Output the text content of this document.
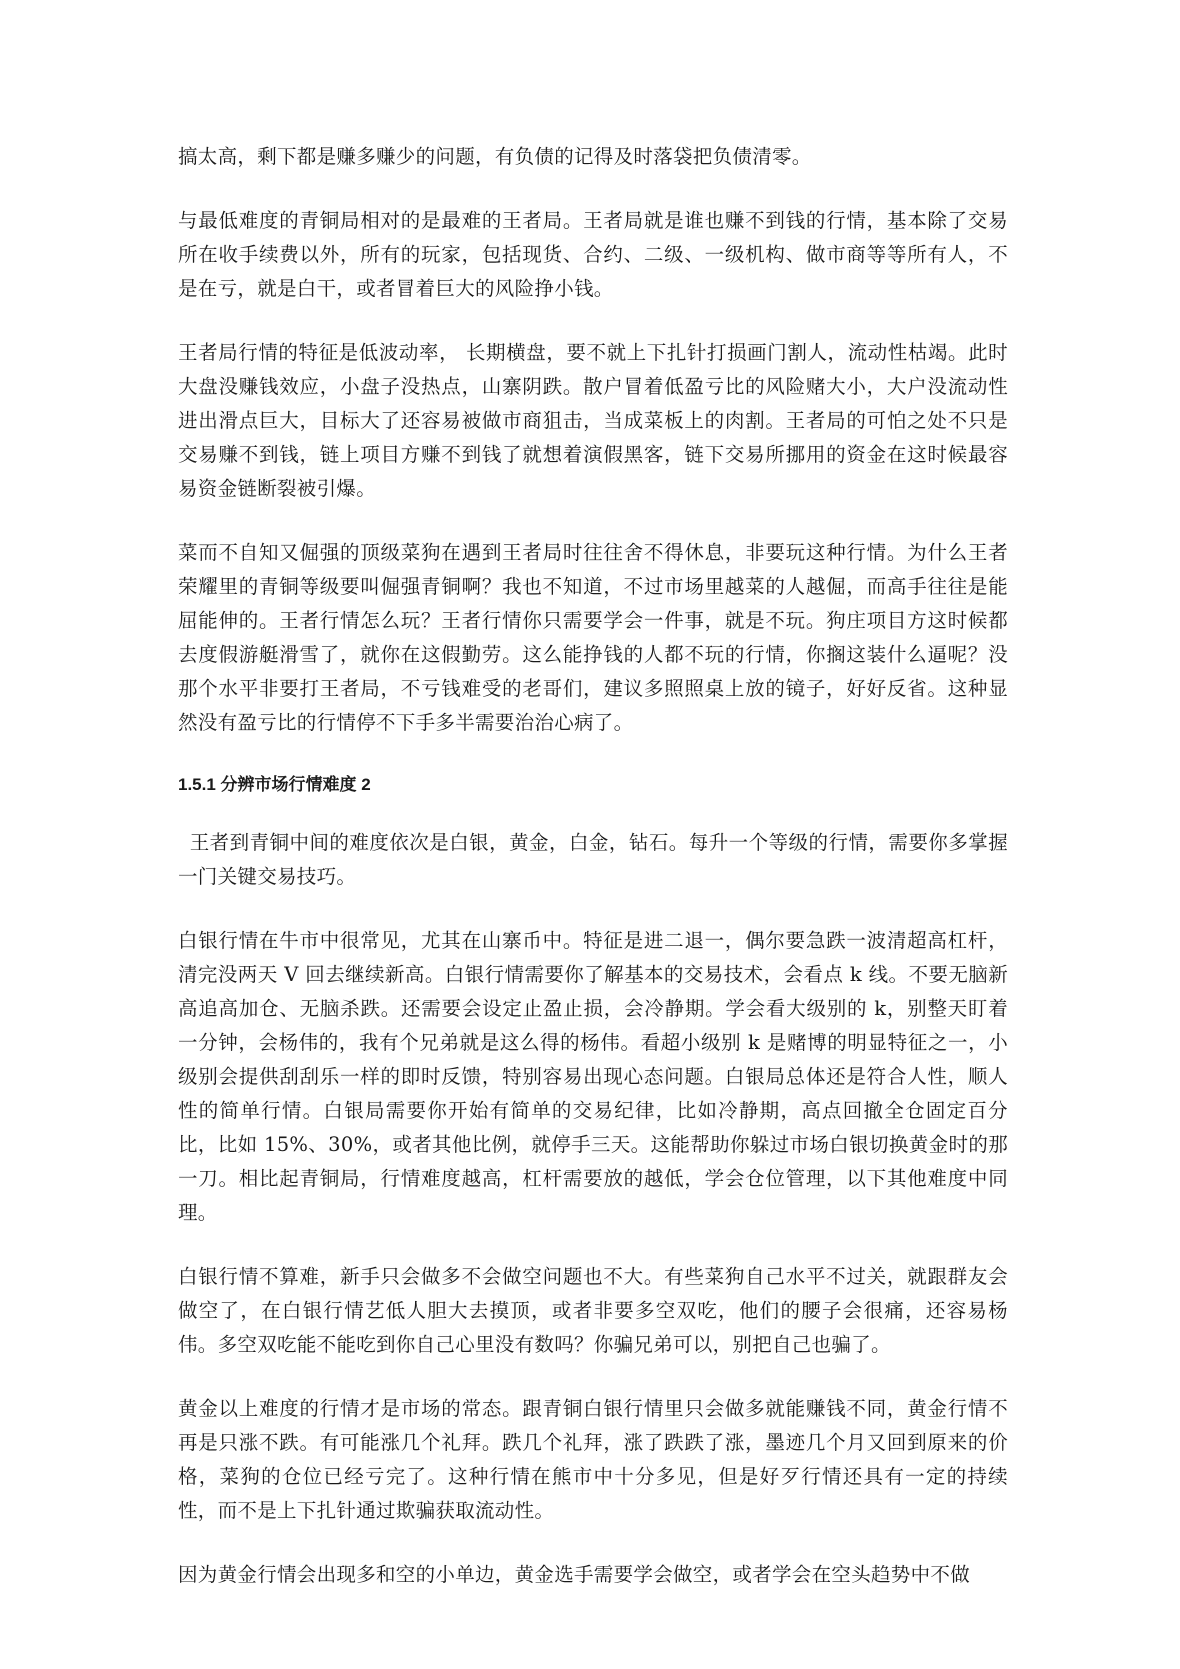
搞太高，剩下都是赚多赚少的问题，有负债的记得及时落袋把负债清零。

与最低难度的青铜局相对的是最难的王者局。王者局就是谁也赚不到钱的行情，基本除了交易所在收手续费以外，所有的玩家，包括现货、合约、二级、一级机构、做市商等等所有人，不是在亏，就是白干，或者冒着巨大的风险挣小钱。

王者局行情的特征是低波动率， 长期横盘，要不就上下扎针打损画门割人，流动性枯竭。此时大盘没赚钱效应，小盘子没热点，山寨阴跌。散户冒着低盈亏比的风险赌大小，大户没流动性进出滑点巨大，目标大了还容易被做市商狙击，当成菜板上的肉割。王者局的可怕之处不只是交易赚不到钱，链上项目方赚不到钱了就想着演假黑客，链下交易所挪用的资金在这时候最容易资金链断裂被引爆。

菜而不自知又倔强的顶级菜狗在遇到王者局时往往舍不得休息，非要玩这种行情。为什么王者荣耀里的青铜等级要叫倔强青铜啊？我也不知道，不过市场里越菜的人越倔，而高手往往是能屈能伸的。王者行情怎么玩？王者行情你只需要学会一件事，就是不玩。狗庄项目方这时候都去度假游艇滑雪了，就你在这假勤劳。这么能挣钱的人都不玩的行情，你搁这装什么逼呢？没那个水平非要打王者局，不亏钱难受的老哥们，建议多照照桌上放的镜子，好好反省。这种显然没有盈亏比的行情停不下手多半需要治治心病了。

1.5.1 分辨市场行情难度 2

王者到青铜中间的难度依次是白银，黄金，白金，钻石。每升一个等级的行情，需要你多掌握一门关键交易技巧。

白银行情在牛市中很常见，尤其在山寨币中。特征是进二退一，偶尔要急跌一波清超高杠杆，清完没两天 V 回去继续新高。白银行情需要你了解基本的交易技术，会看点 k 线。不要无脑新高追高加仓、无脑杀跌。还需要会设定止盈止损，会冷静期。学会看大级别的 k，别整天盯着一分钟，会杨伟的，我有个兄弟就是这么得的杨伟。看超小级别 k 是赌博的明显特征之一，小级别会提供刮刮乐一样的即时反馈，特别容易出现心态问题。白银局总体还是符合人性，顺人性的简单行情。白银局需要你开始有简单的交易纪律，比如冷静期，高点回撤全仓固定百分比，比如 15%、30%，或者其他比例，就停手三天。这能帮助你躲过市场白银切换黄金时的那一刀。相比起青铜局，行情难度越高，杠杆需要放的越低，学会仓位管理，以下其他难度中同理。

白银行情不算难，新手只会做多不会做空问题也不大。有些菜狗自己水平不过关，就跟群友会做空了，在白银行情艺低人胆大去摸顶，或者非要多空双吃，他们的腰子会很痛，还容易杨伟。多空双吃能不能吃到你自己心里没有数吗？你骗兄弟可以，别把自己也骗了。

黄金以上难度的行情才是市场的常态。跟青铜白银行情里只会做多就能赚钱不同，黄金行情不再是只涨不跌。有可能涨几个礼拜。跌几个礼拜，涨了跌跌了涨，墨迹几个月又回到原来的价格，菜狗的仓位已经亏完了。这种行情在熊市中十分多见，但是好歹行情还具有一定的持续性，而不是上下扎针通过欺骗获取流动性。

因为黄金行情会出现多和空的小单边，黄金选手需要学会做空，或者学会在空头趋势中不做
